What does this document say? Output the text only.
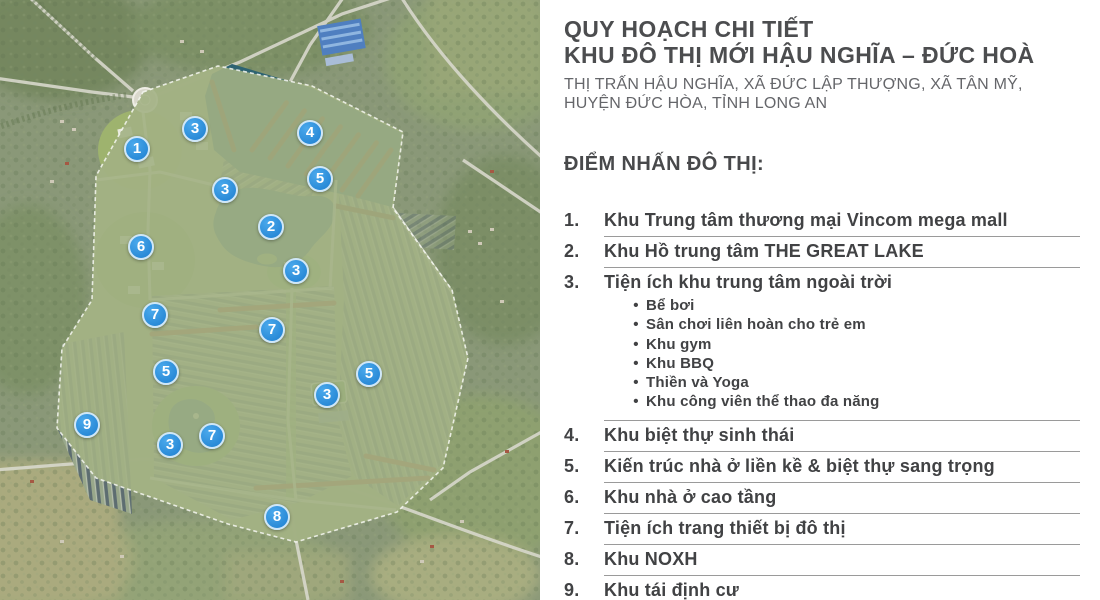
1
3	4
5
3
2
6
3
7
7
5	5
3
9
7
3
8
QUY HOẠCH CHI TIẾT
KHU ĐÔ THỊ MỚI HẬU NGHĨA – ĐỨC HOÀ
THỊ TRẤN HẬU NGHĨA, XÃ ĐỨC LẬP THƯỢNG, XÃ TÂN MỸ,
HUYỆN ĐỨC HÒA, TỈNH LONG AN
ĐIỂM NHẤN ĐÔ THỊ:
1.	Khu Trung tâm thương mại Vincom mega mall
2.	Khu Hồ trung tâm THE GREAT LAKE
3.	Tiện ích khu trung tâm ngoài trời
• Bể bơi
• Sân chơi liên hoàn cho trẻ em
• Khu gym
• Khu BBQ
• Thiền và Yoga
• Khu công viên thể thao đa năng
4.	Khu biệt thự sinh thái
5.	Kiến trúc nhà ở liền kề & biệt thự sang trọng
6.	Khu nhà ở cao tầng
7.	Tiện ích trang thiết bị đô thị
8.	Khu NOXH
9.	Khu tái định cư
